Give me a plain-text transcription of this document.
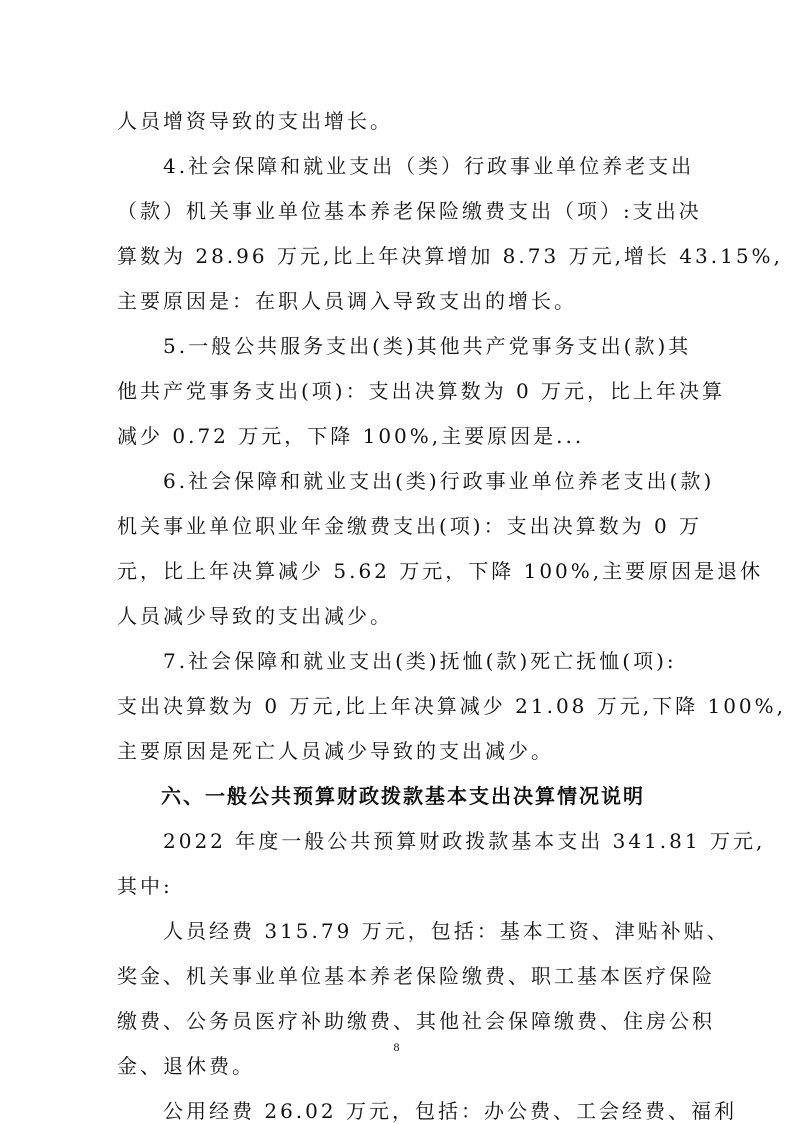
人员增资导致的支出增长。
　　4.社会保障和就业支出（类）行政事业单位养老支出
（款）机关事业单位基本养老保险缴费支出（项）:支出决
算数为 28.96 万元,比上年决算增加 8.73 万元,增长 43.15%,
主要原因是：在职人员调入导致支出的增长。
　　5.一般公共服务支出(类)其他共产党事务支出(款)其
他共产党事务支出(项)：支出决算数为 0 万元，比上年决算
减少 0.72 万元，下降 100%,主要原因是...
　　6.社会保障和就业支出(类)行政事业单位养老支出(款)
机关事业单位职业年金缴费支出(项)：支出决算数为 0 万
元，比上年决算减少 5.62 万元，下降 100%,主要原因是退休
人员减少导致的支出减少。
　　7.社会保障和就业支出(类)抚恤(款)死亡抚恤(项):
支出决算数为 0 万元,比上年决算减少 21.08 万元,下降 100%,
主要原因是死亡人员减少导致的支出减少。
　　六、一般公共预算财政拨款基本支出决算情况说明
　　2022 年度一般公共预算财政拨款基本支出 341.81 万元,
其中:
　　人员经费 315.79 万元，包括：基本工资、津贴补贴、
奖金、机关事业单位基本养老保险缴费、职工基本医疗保险
缴费、公务员医疗补助缴费、其他社会保障缴费、住房公积
金、退休费。
　　公用经费 26.02 万元，包括：办公费、工会经费、福利
8
